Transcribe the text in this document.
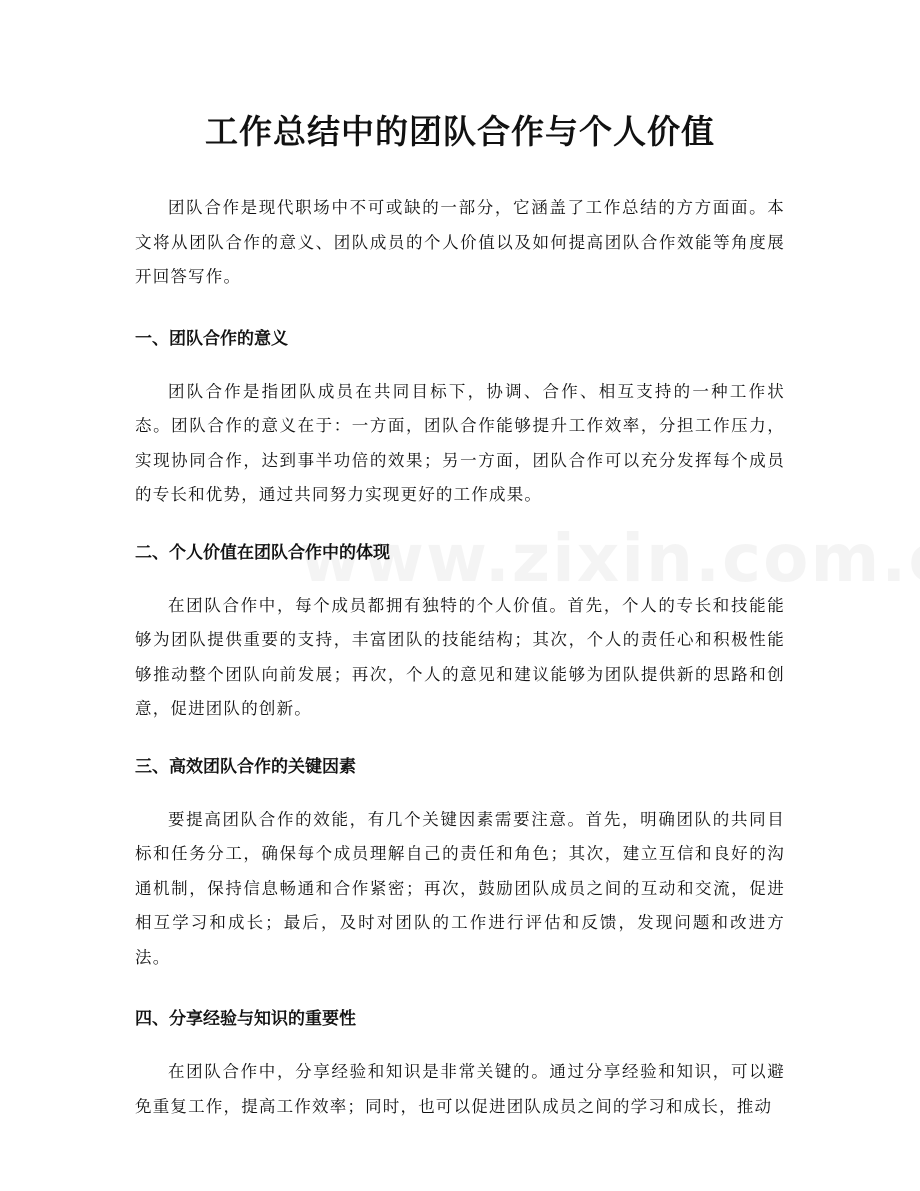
工作总结中的团队合作与个人价值

团队合作是现代职场中不可或缺的一部分，它涵盖了工作总结的方方面面。本文将从团队合作的意义、团队成员的个人价值以及如何提高团队合作效能等角度展开回答写作。

一、团队合作的意义

团队合作是指团队成员在共同目标下，协调、合作、相互支持的一种工作状态。团队合作的意义在于：一方面，团队合作能够提升工作效率，分担工作压力，实现协同合作，达到事半功倍的效果；另一方面，团队合作可以充分发挥每个成员的专长和优势，通过共同努力实现更好的工作成果。

二、个人价值在团队合作中的体现

在团队合作中，每个成员都拥有独特的个人价值。首先，个人的专长和技能能够为团队提供重要的支持，丰富团队的技能结构；其次，个人的责任心和积极性能够推动整个团队向前发展；再次，个人的意见和建议能够为团队提供新的思路和创意，促进团队的创新。

三、高效团队合作的关键因素

要提高团队合作的效能，有几个关键因素需要注意。首先，明确团队的共同目标和任务分工，确保每个成员理解自己的责任和角色；其次，建立互信和良好的沟通机制，保持信息畅通和合作紧密；再次，鼓励团队成员之间的互动和交流，促进相互学习和成长；最后，及时对团队的工作进行评估和反馈，发现问题和改进方法。

四、分享经验与知识的重要性

在团队合作中，分享经验和知识是非常关键的。通过分享经验和知识，可以避免重复工作，提高工作效率；同时，也可以促进团队成员之间的学习和成长，推动
